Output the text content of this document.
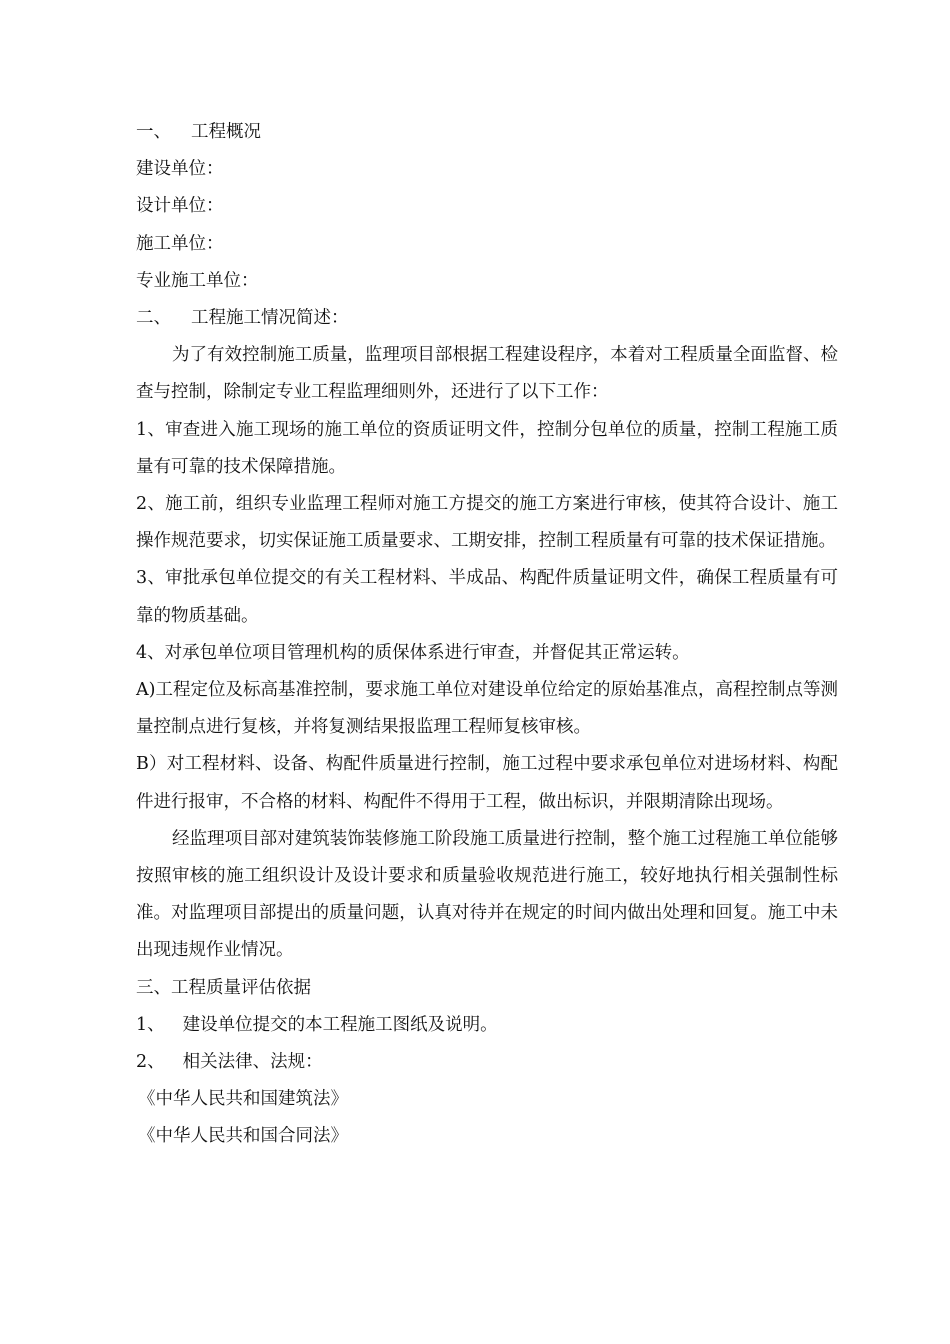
一、 工程概况

建设单位：

设计单位：

施工单位：

专业施工单位：

二、 工程施工情况简述：

为了有效控制施工质量，监理项目部根据工程建设程序，本着对工程质量全面监督、检查与控制，除制定专业工程监理细则外，还进行了以下工作：

1、审查进入施工现场的施工单位的资质证明文件，控制分包单位的质量，控制工程施工质量有可靠的技术保障措施。

2、施工前，组织专业监理工程师对施工方提交的施工方案进行审核，使其符合设计、施工操作规范要求，切实保证施工质量要求、工期安排，控制工程质量有可靠的技术保证措施。

3、审批承包单位提交的有关工程材料、半成品、构配件质量证明文件，确保工程质量有可靠的物质基础。

4、对承包单位项目管理机构的质保体系进行审查，并督促其正常运转。

A)工程定位及标高基准控制，要求施工单位对建设单位给定的原始基准点，高程控制点等测量控制点进行复核，并将复测结果报监理工程师复核审核。

B）对工程材料、设备、构配件质量进行控制，施工过程中要求承包单位对进场材料、构配件进行报审，不合格的材料、构配件不得用于工程，做出标识，并限期清除出现场。

经监理项目部对建筑装饰装修施工阶段施工质量进行控制，整个施工过程施工单位能够按照审核的施工组织设计及设计要求和质量验收规范进行施工，较好地执行相关强制性标准。对监理项目部提出的质量问题，认真对待并在规定的时间内做出处理和回复。施工中未出现违规作业情况。

三、工程质量评估依据

1、 建设单位提交的本工程施工图纸及说明。

2、 相关法律、法规：

《中华人民共和国建筑法》

《中华人民共和国合同法》
